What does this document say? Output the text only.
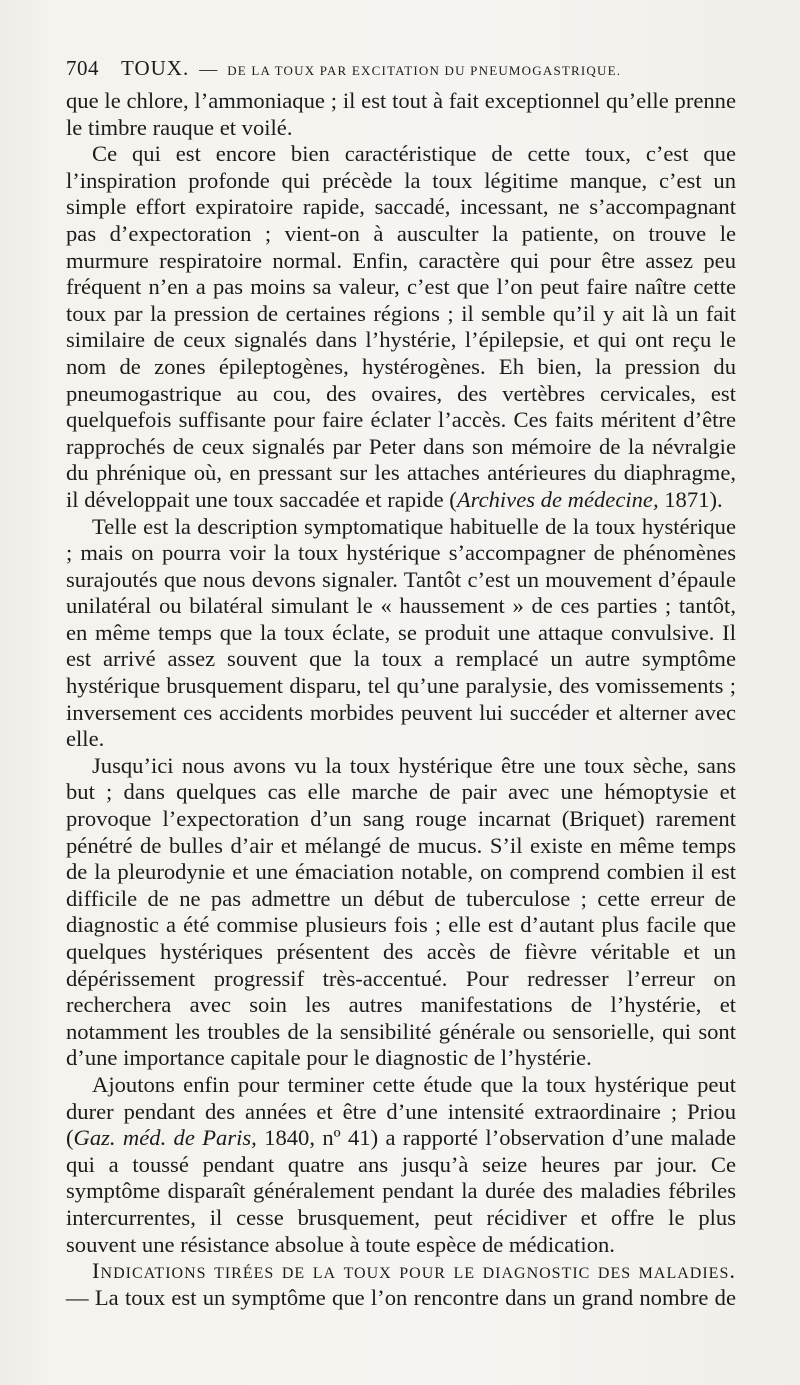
704 TOUX. — DE LA TOUX PAR EXCITATION DU PNEUMOGASTRIQUE.

que le chlore, l’ammoniaque ; il est tout à fait exceptionnel qu’elle prenne le timbre rauque et voilé.

Ce qui est encore bien caractéristique de cette toux, c’est que l’inspiration profonde qui précède la toux légitime manque, c’est un simple effort expiratoire rapide, saccadé, incessant, ne s’accompagnant pas d’expectoration ; vient-on à ausculter la patiente, on trouve le murmure respiratoire normal. Enfin, caractère qui pour être assez peu fréquent n’en a pas moins sa valeur, c’est que l’on peut faire naître cette toux par la pression de certaines régions ; il semble qu’il y ait là un fait similaire de ceux signalés dans l’hystérie, l’épilepsie, et qui ont reçu le nom de zones épileptogènes, hystérogènes. Eh bien, la pression du pneumogastrique au cou, des ovaires, des vertèbres cervicales, est quelquefois suffisante pour faire éclater l’accès. Ces faits méritent d’être rapprochés de ceux signalés par Peter dans son mémoire de la névralgie du phrénique où, en pressant sur les attaches antérieures du diaphragme, il développait une toux saccadée et rapide (Archives de médecine, 1871).

Telle est la description symptomatique habituelle de la toux hystérique ; mais on pourra voir la toux hystérique s’accompagner de phénomènes surajoutés que nous devons signaler. Tantôt c’est un mouvement d’épaule unilatéral ou bilatéral simulant le « haussement » de ces parties ; tantôt, en même temps que la toux éclate, se produit une attaque convulsive. Il est arrivé assez souvent que la toux a remplacé un autre symptôme hystérique brusquement disparu, tel qu’une paralysie, des vomissements ; inversement ces accidents morbides peuvent lui succéder et alterner avec elle.

Jusqu’ici nous avons vu la toux hystérique être une toux sèche, sans but ; dans quelques cas elle marche de pair avec une hémoptysie et provoque l’expectoration d’un sang rouge incarnat (Briquet) rarement pénétré de bulles d’air et mélangé de mucus. S’il existe en même temps de la pleurodynie et une émaciation notable, on comprend combien il est difficile de ne pas admettre un début de tuberculose ; cette erreur de diagnostic a été commise plusieurs fois ; elle est d’autant plus facile que quelques hystériques présentent des accès de fièvre véritable et un dépérissement progressif très-accentué. Pour redresser l’erreur on recherchera avec soin les autres manifestations de l’hystérie, et notamment les troubles de la sensibilité générale ou sensorielle, qui sont d’une importance capitale pour le diagnostic de l’hystérie.

Ajoutons enfin pour terminer cette étude que la toux hystérique peut durer pendant des années et être d’une intensité extraordinaire ; Priou (Gaz. méd. de Paris, 1840, nº 41) a rapporté l’observation d’une malade qui a toussé pendant quatre ans jusqu’à seize heures par jour. Ce symptôme disparaît généralement pendant la durée des maladies fébriles intercurrentes, il cesse brusquement, peut récidiver et offre le plus souvent une résistance absolue à toute espèce de médication.

Indications tirées de la toux pour le diagnostic des maladies. — La toux est un symptôme que l’on rencontre dans un grand nombre de
